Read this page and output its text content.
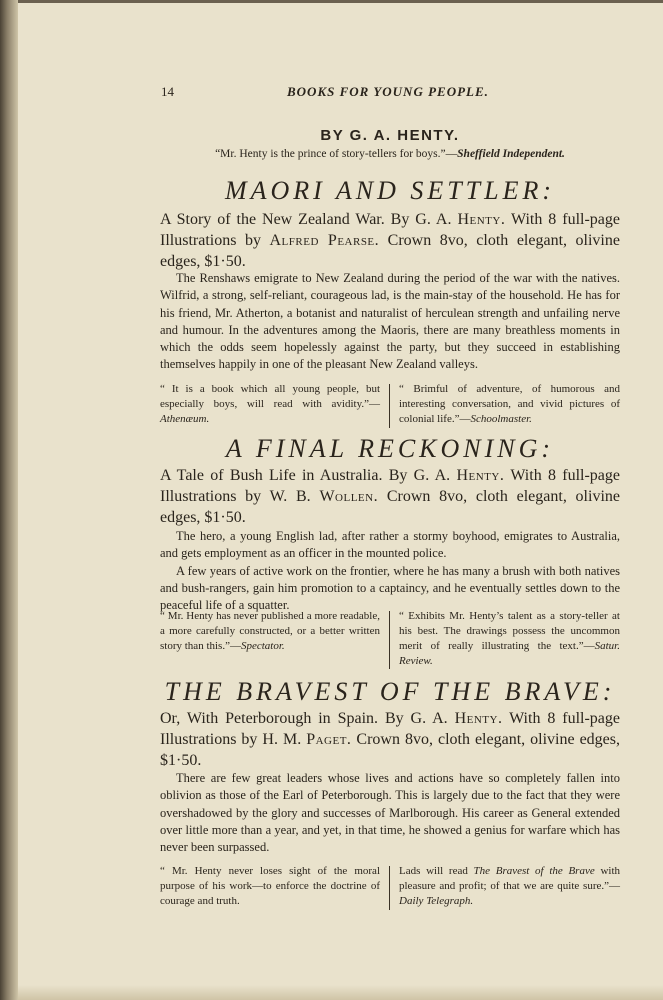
14	BOOKS FOR YOUNG PEOPLE.
BY G. A. HENTY.
“Mr. Henty is the prince of story-tellers for boys.”—Sheffield Independent.
MAORI AND SETTLER:
A Story of the New Zealand War. By G. A. Henty. With 8 full-page Illustrations by Alfred Pearse. Crown 8vo, cloth elegant, olivine edges, $1·50.

The Renshaws emigrate to New Zealand during the period of the war with the natives. Wilfrid, a strong, self-reliant, courageous lad, is the main-stay of the household. He has for his friend, Mr. Atherton, a botanist and naturalist of herculean strength and unfailing nerve and humour. In the adventures among the Maoris, there are many breathless moments in which the odds seem hopelessly against the party, but they succeed in establishing themselves happily in one of the pleasant New Zealand valleys.

“ It is a book which all young people, but especially boys, will read with avidity.”—Athenæum.
“ Brimful of adventure, of humorous and interesting conversation, and vivid pictures of colonial life.”—Schoolmaster.
A FINAL RECKONING:
A Tale of Bush Life in Australia. By G. A. Henty. With 8 full-page Illustrations by W. B. Wollen. Crown 8vo, cloth elegant, olivine edges, $1·50.

The hero, a young English lad, after rather a stormy boyhood, emigrates to Australia, and gets employment as an officer in the mounted police.

A few years of active work on the frontier, where he has many a brush with both natives and bush-rangers, gain him promotion to a captaincy, and he eventually settles down to the peaceful life of a squatter.

“ Mr. Henty has never published a more readable, a more carefully constructed, or a better written story than this.”—Spectator.
“ Exhibits Mr. Henty’s talent as a story-teller at his best. The drawings possess the uncommon merit of really illustrating the text.”—Satur. Review.
THE BRAVEST OF THE BRAVE:
Or, With Peterborough in Spain. By G. A. Henty. With 8 full-page Illustrations by H. M. Paget. Crown 8vo, cloth elegant, olivine edges, $1·50.

There are few great leaders whose lives and actions have so completely fallen into oblivion as those of the Earl of Peterborough. This is largely due to the fact that they were overshadowed by the glory and successes of Marlborough. His career as General extended over little more than a year, and yet, in that time, he showed a genius for warfare which has never been surpassed.

“ Mr. Henty never loses sight of the moral purpose of his work—to enforce the doctrine of courage and truth.
Lads will read The Bravest of the Brave with pleasure and profit; of that we are quite sure.”—Daily Telegraph.
